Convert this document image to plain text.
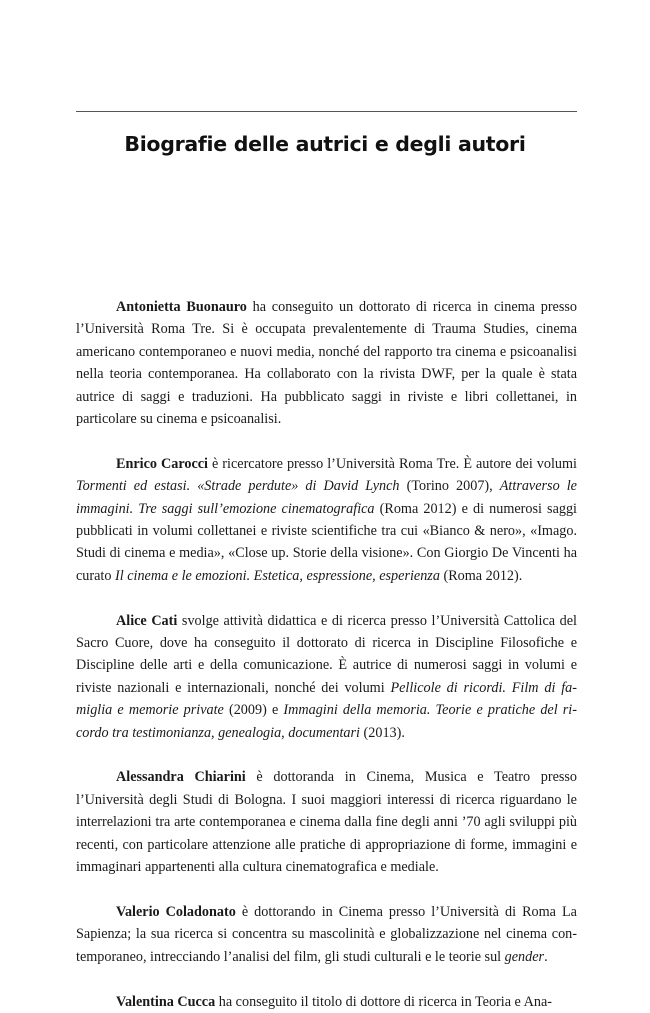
Biografie delle autrici e degli autori

Antonietta Buonauro ha conseguito un dottorato di ricerca in cinema presso l’Università Roma Tre. Si è occupata prevalentemente di Trauma Studies, cinema americano contemporaneo e nuovi media, nonché del rapporto tra cinema e psicoanalisi nella teoria contemporanea. Ha collaborato con la rivista DWF, per la quale è stata autrice di saggi e traduzioni. Ha pubblicato saggi in riviste e libri collettanei, in particolare su cinema e psicoanalisi.

Enrico Carocci è ricercatore presso l’Università Roma Tre. È autore dei volumi Tormenti ed estasi. «Strade perdute» di David Lynch (Torino 2007), Attraverso le immagini. Tre saggi sull’emozione cinematografica (Roma 2012) e di numerosi saggi pubblicati in volumi collettanei e riviste scientifiche tra cui «Bianco & nero», «Imago. Studi di cinema e media», «Close up. Storie della visione». Con Giorgio De Vincenti ha curato Il cinema e le emozioni. Estetica, espressione, esperienza (Roma 2012).

Alice Cati svolge attività didattica e di ricerca presso l’Università Cattolica del Sacro Cuore, dove ha conseguito il dottorato di ricerca in Discipline Filosofiche e Discipline delle arti e della comunicazione. È autrice di numerosi saggi in volumi e riviste nazionali e internazionali, nonché dei volumi Pellicole di ricordi. Film di famiglia e memorie private (2009) e Immagini della memoria. Teorie e pratiche del ricordo tra testimonianza, genealogia, documentari (2013).

Alessandra Chiarini è dottoranda in Cinema, Musica e Teatro presso l’Università degli Studi di Bologna. I suoi maggiori interessi di ricerca riguardano le interrelazioni tra arte contemporanea e cinema dalla fine degli anni ’70 agli sviluppi più recenti, con particolare attenzione alle pratiche di appropriazione di forme, immagini e immaginari appartenenti alla cultura cinematografica e mediale.

Valerio Coladonato è dottorando in Cinema presso l’Università di Roma La Sapienza; la sua ricerca si concentra su mascolinità e globalizzazione nel cinema contemporaneo, intrecciando l’analisi del film, gli studi culturali e le teorie sul gender.

Valentina Cucca ha conseguito il titolo di dottore di ricerca in Teoria e Ana-
